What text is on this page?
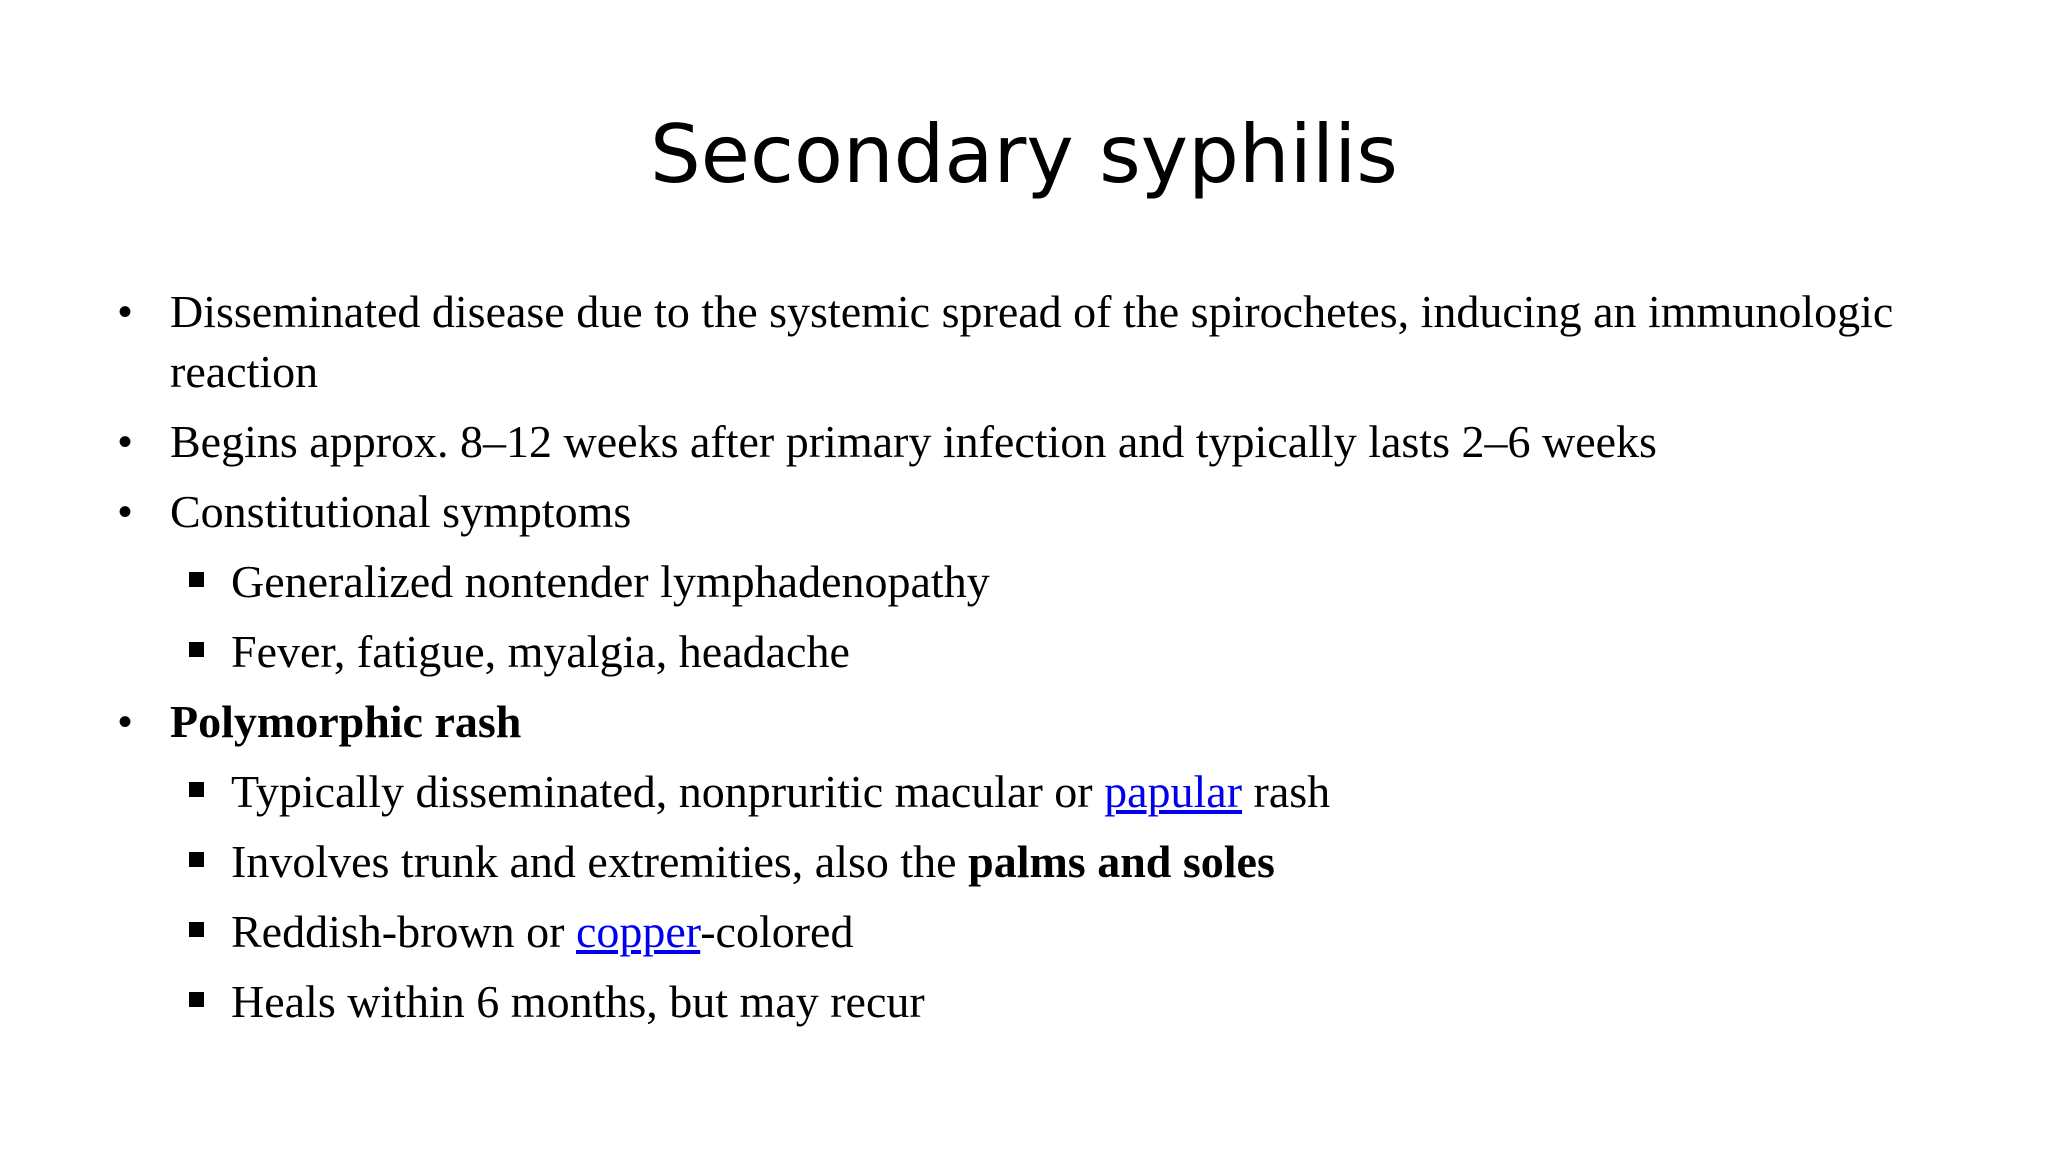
Secondary syphilis
• Disseminated disease due to the systemic spread of the spirochetes, inducing an immunologic reaction
• Begins approx. 8–12 weeks after primary infection and typically lasts 2–6 weeks
• Constitutional symptoms
Generalized nontender lymphadenopathy
Fever, fatigue, myalgia, headache
• Polymorphic rash
Typically disseminated, nonpruritic macular or papular rash
Involves trunk and extremities, also the palms and soles
Reddish-brown or copper-colored
Heals within 6 months, but may recur
